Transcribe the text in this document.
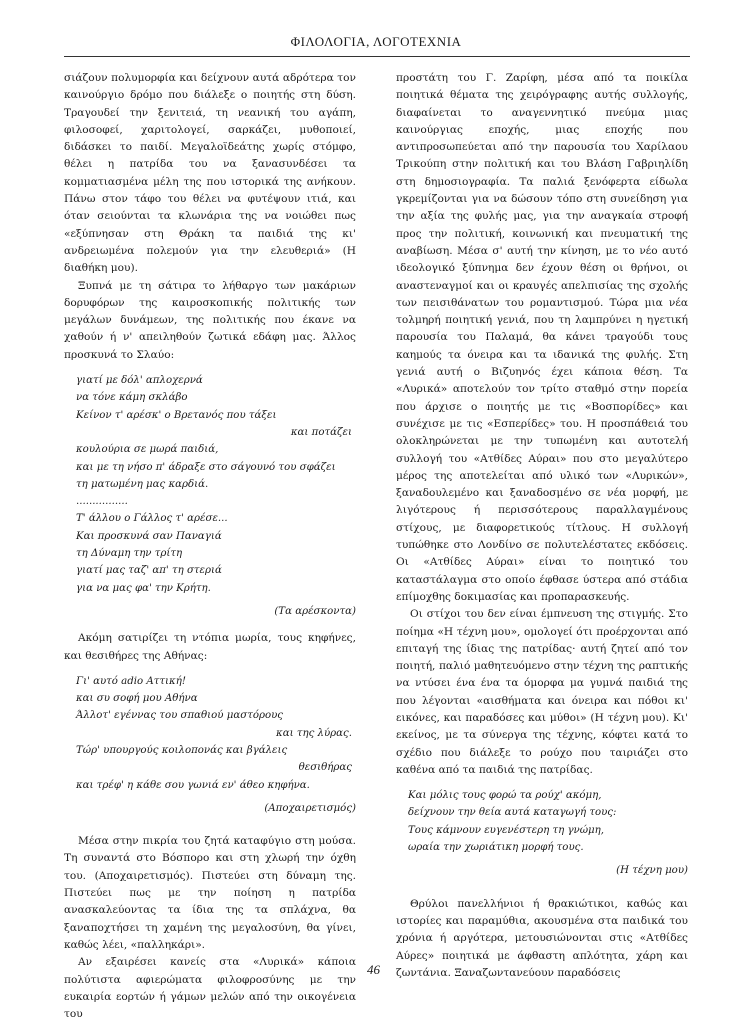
ΦΙΛΟΛΟΓΙΑ, ΛΟΓΟΤΕΧΝΙΑ

σιάζουν πολυμορφία και δείχνουν αυτά αδρότερα τον καινούργιο δρόμο που διάλεξε ο ποιητής στη δύση. Τραγουδεί την ξενιτειά, τη νεανική του αγάπη, φιλοσοφεί, χαριτολογεί, σαρκάζει, μυθοποιεί, διδάσκει το παιδί. Μεγαλοϊδεάτης χωρίς στόμφο, θέλει η πατρίδα του να ξανασυνδέσει τα κομματιασμένα μέλη της που ιστορικά της ανήκουν. Πάνω στον τάφο του θέλει να φυτέψουν ιτιά, και όταν σειούνται τα κλωνάρια της να νοιώθει πως «εξύπνησαν στη Θράκη τα παιδιά της κι' ανδρειωμένα πολεμούν για την ελευθεριά» (Η διαθήκη μου).

Ξυπνά με τη σάτιρα το λήθαργο των μακάριων δορυφόρων της καιροσκοπικής πολιτικής των μεγάλων δυνάμεων, της πολιτικής που έκανε να χαθούν ή ν' απειληθούν ζωτικά εδάφη μας. Άλλος προσκυνά το Σλαύο:

γιατί με δόλ' απλοχερνά
να τόνε κάμη σκλάβο
Κείνον τ' αρέσκ' ο Βρετανός που τάξει
και ποτάζει
κουλούρια σε μωρά παιδιά,
και με τη νήσο π' άδραξε στο σάγουνό του σφάζει
τη ματωμένη μας καρδιά.
................
Τ' άλλου ο Γάλλος τ' αρέσε...
Και προσκυνά σαν Παναγιά
τη Δύναμη την τρίτη
γιατί μας ταζ' απ' τη στεριά
για να μας φα' την Κρήτη.
(Τα αρέσκοντα)

Ακόμη σατιρίζει τη ντόπια μωρία, τους κηφήνες, και θεσιθήρες της Αθήνας:

Γι' αυτό adio Αττική!
και συ σοφή μου Αθήνα
Άλλοτ' εγέννας του σπαθιού μαστόρους
και της λύρας.
Τώρ' υπουργούς κοιλοπονάς και βγάλεις
θεσιθήρας
και τρέφ' η κάθε σου γωνιά εν' άθεο κηφήνα.
(Αποχαιρετισμός)

Μέσα στην πικρία του ζητά καταφύγιο στη μούσα. Τη συναντά στο Βόσπορο και στη χλωρή την όχθη του. (Αποχαιρετισμός). Πιστεύει στη δύναμη της. Πιστεύει πως με την ποίηση η πατρίδα ανασκαλεύοντας τα ίδια της τα σπλάχνα, θα ξαναποχτήσει τη χαμένη της μεγαλοσύνη, θα γίνει, καθώς λέει, «παλληκάρι».

Αν εξαιρέσει κανείς στα «Λυρικά» κάποια πολύτιστα αφιερώματα φιλοφροσύνης με την ευκαιρία εορτών ή γάμων μελών από την οικογένεια του

προστάτη του Γ. Ζαρίφη, μέσα από τα ποικίλα ποιητικά θέματα της χειρόγραφης αυτής συλλογής, διαφαίνεται το αναγεννητικό πνεύμα μιας καινούργιας εποχής, μιας εποχής που αντιπροσωπεύεται από την παρουσία του Χαρίλαου Τρικούπη στην πολιτική και του Βλάση Γαβριηλίδη στη δημοσιογραφία. Τα παλιά ξενόφερτα είδωλα γκρεμίζονται για να δώσουν τόπο στη συνείδηση για την αξία της φυλής μας, για την αναγκαία στροφή προς την πολιτική, κοινωνική και πνευματική της αναβίωση. Μέσα σ' αυτή την κίνηση, με το νέο αυτό ιδεολογικό ξύπνημα δεν έχουν θέση οι θρήνοι, οι αναστεναγμοί και οι κραυγές απελπισίας της σχολής των πεισιθάνατων του ρομαντισμού. Τώρα μια νέα τολμηρή ποιητική γενιά, που τη λαμπρύνει η ηγετική παρουσία του Παλαμά, θα κάνει τραγούδι τους καημούς τα όνειρα και τα ιδανικά της φυλής. Στη γενιά αυτή ο Βιζυηνός έχει κάποια θέση. Τα «Λυρικά» αποτελούν τον τρίτο σταθμό στην πορεία που άρχισε ο ποιητής με τις «Βοσπορίδες» και συνέχισε με τις «Εσπερίδες» του. Η προσπάθειά του ολοκληρώνεται με την τυπωμένη και αυτοτελή συλλογή του «Ατθίδες Αύραι» που στο μεγαλύτερο μέρος της αποτελείται από υλικό των «Λυρικών», ξαναδουλεμένο και ξαναδοσμένο σε νέα μορφή, με λιγότερους ή περισσότερους παραλλαγμένους στίχους, με διαφορετικούς τίτλους. Η συλλογή τυπώθηκε στο Λονδίνο σε πολυτελέστατες εκδόσεις. Οι «Ατθίδες Αύραι» είναι το ποιητικό του καταστάλαγμα στο οποίο έφθασε ύστερα από στάδια επίμοχθης δοκιμασίας και προπαρασκευής.

Οι στίχοι του δεν είναι έμπνευση της στιγμής. Στο ποίημα «Η τέχνη μου», ομολογεί ότι προέρχονται από επιταγή της ίδιας της πατρίδας· αυτή ζητεί από τον ποιητή, παλιό μαθητευόμενο στην τέχνη της ραπτικής να ντύσει ένα ένα τα όμορφα μα γυμνά παιδιά της που λέγονται «αισθήματα και όνειρα και πόθοι κι' εικόνες, και παραδόσες και μύθοι» (Η τέχνη μου). Κι' εκείνος, με τα σύνεργα της τέχνης, κόφτει κατά το σχέδιο που διάλεξε το ρούχο που ταιριάζει στο καθένα από τα παιδιά της πατρίδας.

Και μόλις τους φορώ τα ρούχ' ακόμη,
δείχνουν την θεία αυτά καταγωγή τους:
Τους κάμνουν ευγενέστερη τη γνώμη,
ωραία την χωριάτικη μορφή τους.
(Η τέχνη μου)

Θρύλοι πανελλήνιοι ή θρακιώτικοι, καθώς και ιστορίες και παραμύθια, ακουσμένα στα παιδικά του χρόνια ή αργότερα, μετουσιώνονται στις «Ατθίδες Αύρες» ποιητικά με άφθαστη απλότητα, χάρη και ζωντάνια. Ξαναζωντανεύουν παραδόσεις

46
